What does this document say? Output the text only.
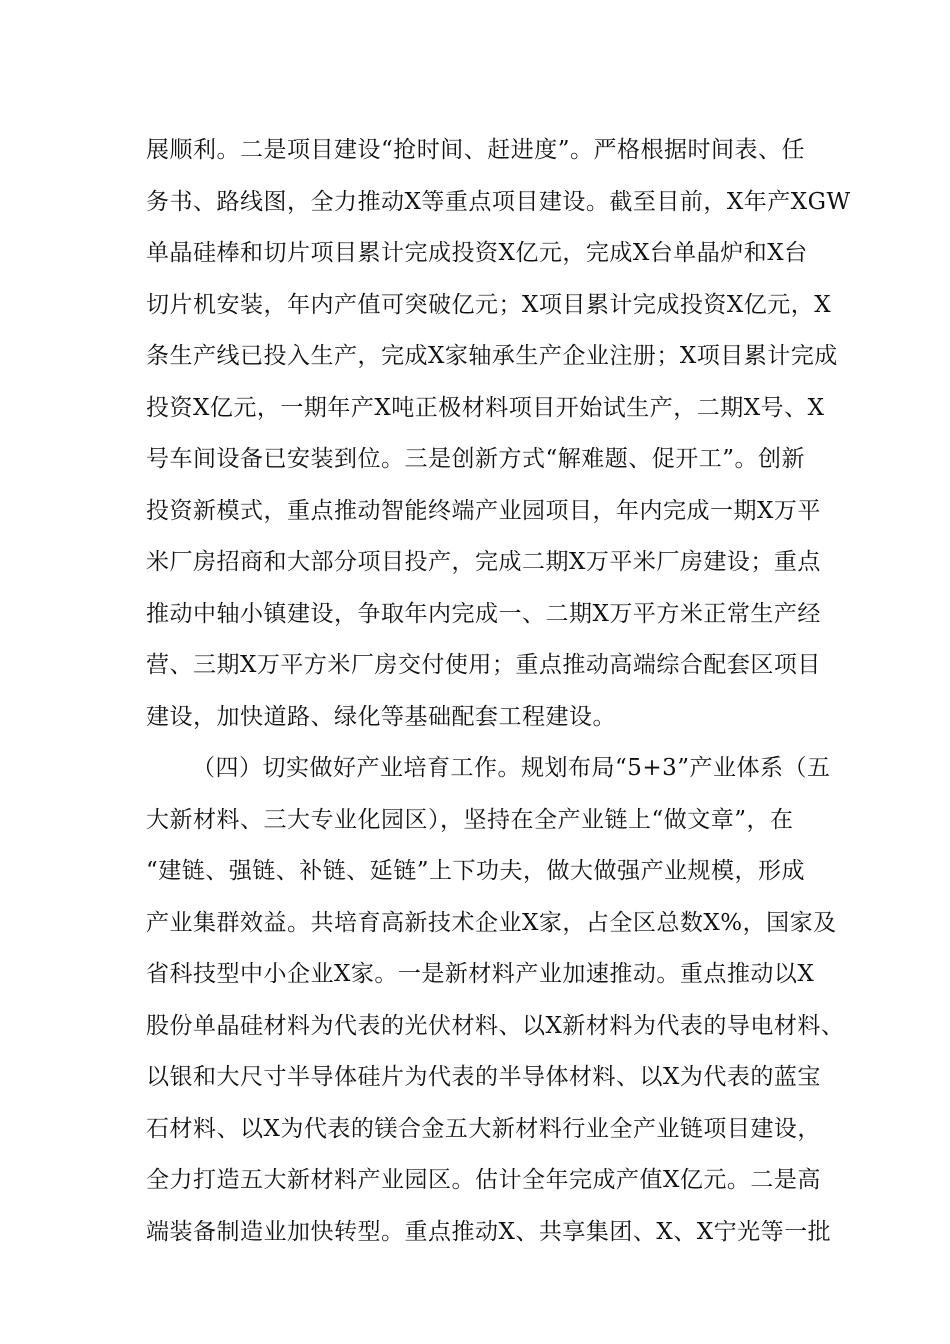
展顺利。二是项目建设“抢时间、赶进度”。严格根据时间表、任
务书、路线图，全力推动X等重点项目建设。截至目前，X年产XGW
单晶硅棒和切片项目累计完成投资X亿元，完成X台单晶炉和X台
切片机安装，年内产值可突破亿元；X项目累计完成投资X亿元，X
条生产线已投入生产，完成X家轴承生产企业注册；X项目累计完成
投资X亿元，一期年产X吨正极材料项目开始试生产，二期X号、X
号车间设备已安装到位。三是创新方式“解难题、促开工”。创新
投资新模式，重点推动智能终端产业园项目，年内完成一期X万平
米厂房招商和大部分项目投产，完成二期X万平米厂房建设；重点
推动中轴小镇建设，争取年内完成一、二期X万平方米正常生产经
营、三期X万平方米厂房交付使用；重点推动高端综合配套区项目
建设，加快道路、绿化等基础配套工程建设。
（四）切实做好产业培育工作。规划布局“5+3”产业体系（五
大新材料、三大专业化园区），坚持在全产业链上“做文章”，在
“建链、强链、补链、延链”上下功夫，做大做强产业规模，形成
产业集群效益。共培育高新技术企业X家，占全区总数X%，国家及
省科技型中小企业X家。一是新材料产业加速推动。重点推动以X
股份单晶硅材料为代表的光伏材料、以X新材料为代表的导电材料、
以银和大尺寸半导体硅片为代表的半导体材料、以X为代表的蓝宝
石材料、以X为代表的镁合金五大新材料行业全产业链项目建设，
全力打造五大新材料产业园区。估计全年完成产值X亿元。二是高
端装备制造业加快转型。重点推动X、共享集团、X、X宁光等一批
